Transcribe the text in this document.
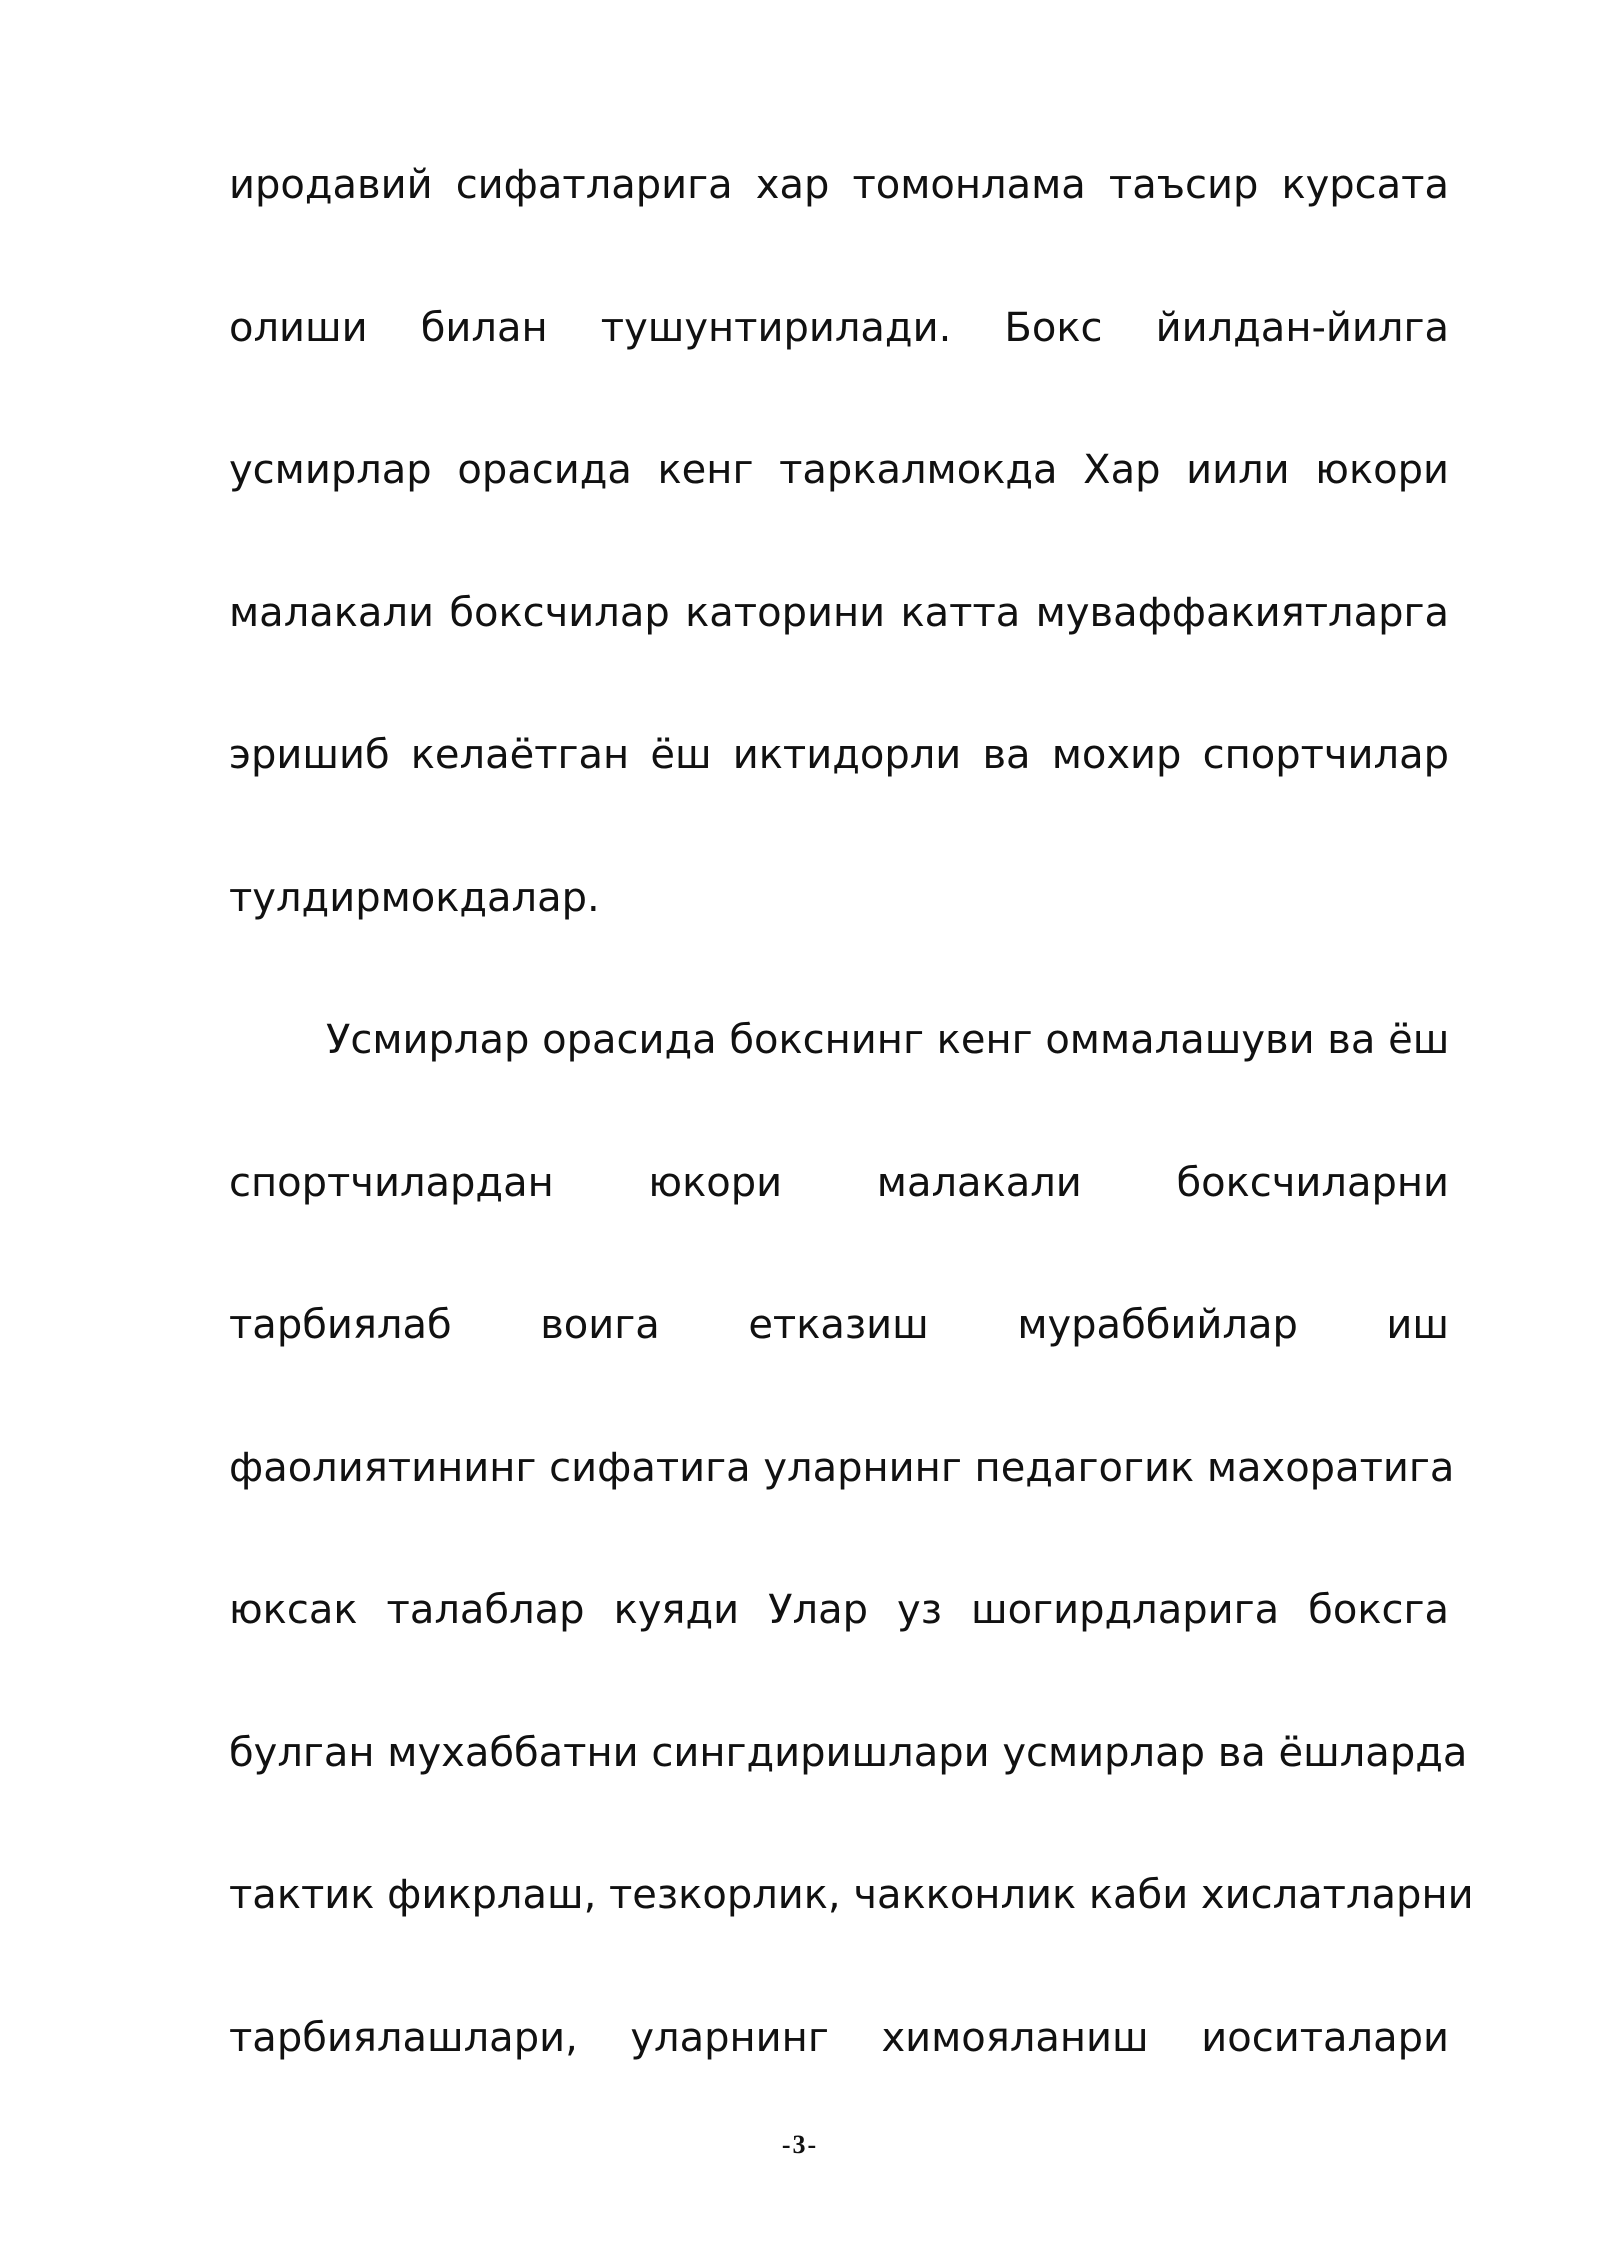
иродавий сифатларига хар томонлама таъсир курсата
олиши билан тушунтирилади. Бокс йилдан-йилга
усмирлар орасида кенг таркалмокда Хар иили юкори
малакали боксчилар каторини катта муваффакиятларга
эришиб келаётган ёш иктидорли ва мохир спортчилар
тулдирмокдалар.
Усмирлар орасида бокснинг кенг оммалашуви ва ёш
спортчилардан юкори малакали боксчиларни
тарбиялаб воига етказиш мураббийлар иш
фаолиятининг сифатига уларнинг педагогик махоратига
юксак талаблар куяди Улар уз шогирдларига боксга
булган мухаббатни сингдиришлари усмирлар ва ёшларда
тактик фикрлаш, тезкорлик, чакконлик каби хислатларни
тарбиялашлари, уларнинг химояланиш иоситалари
-3-
